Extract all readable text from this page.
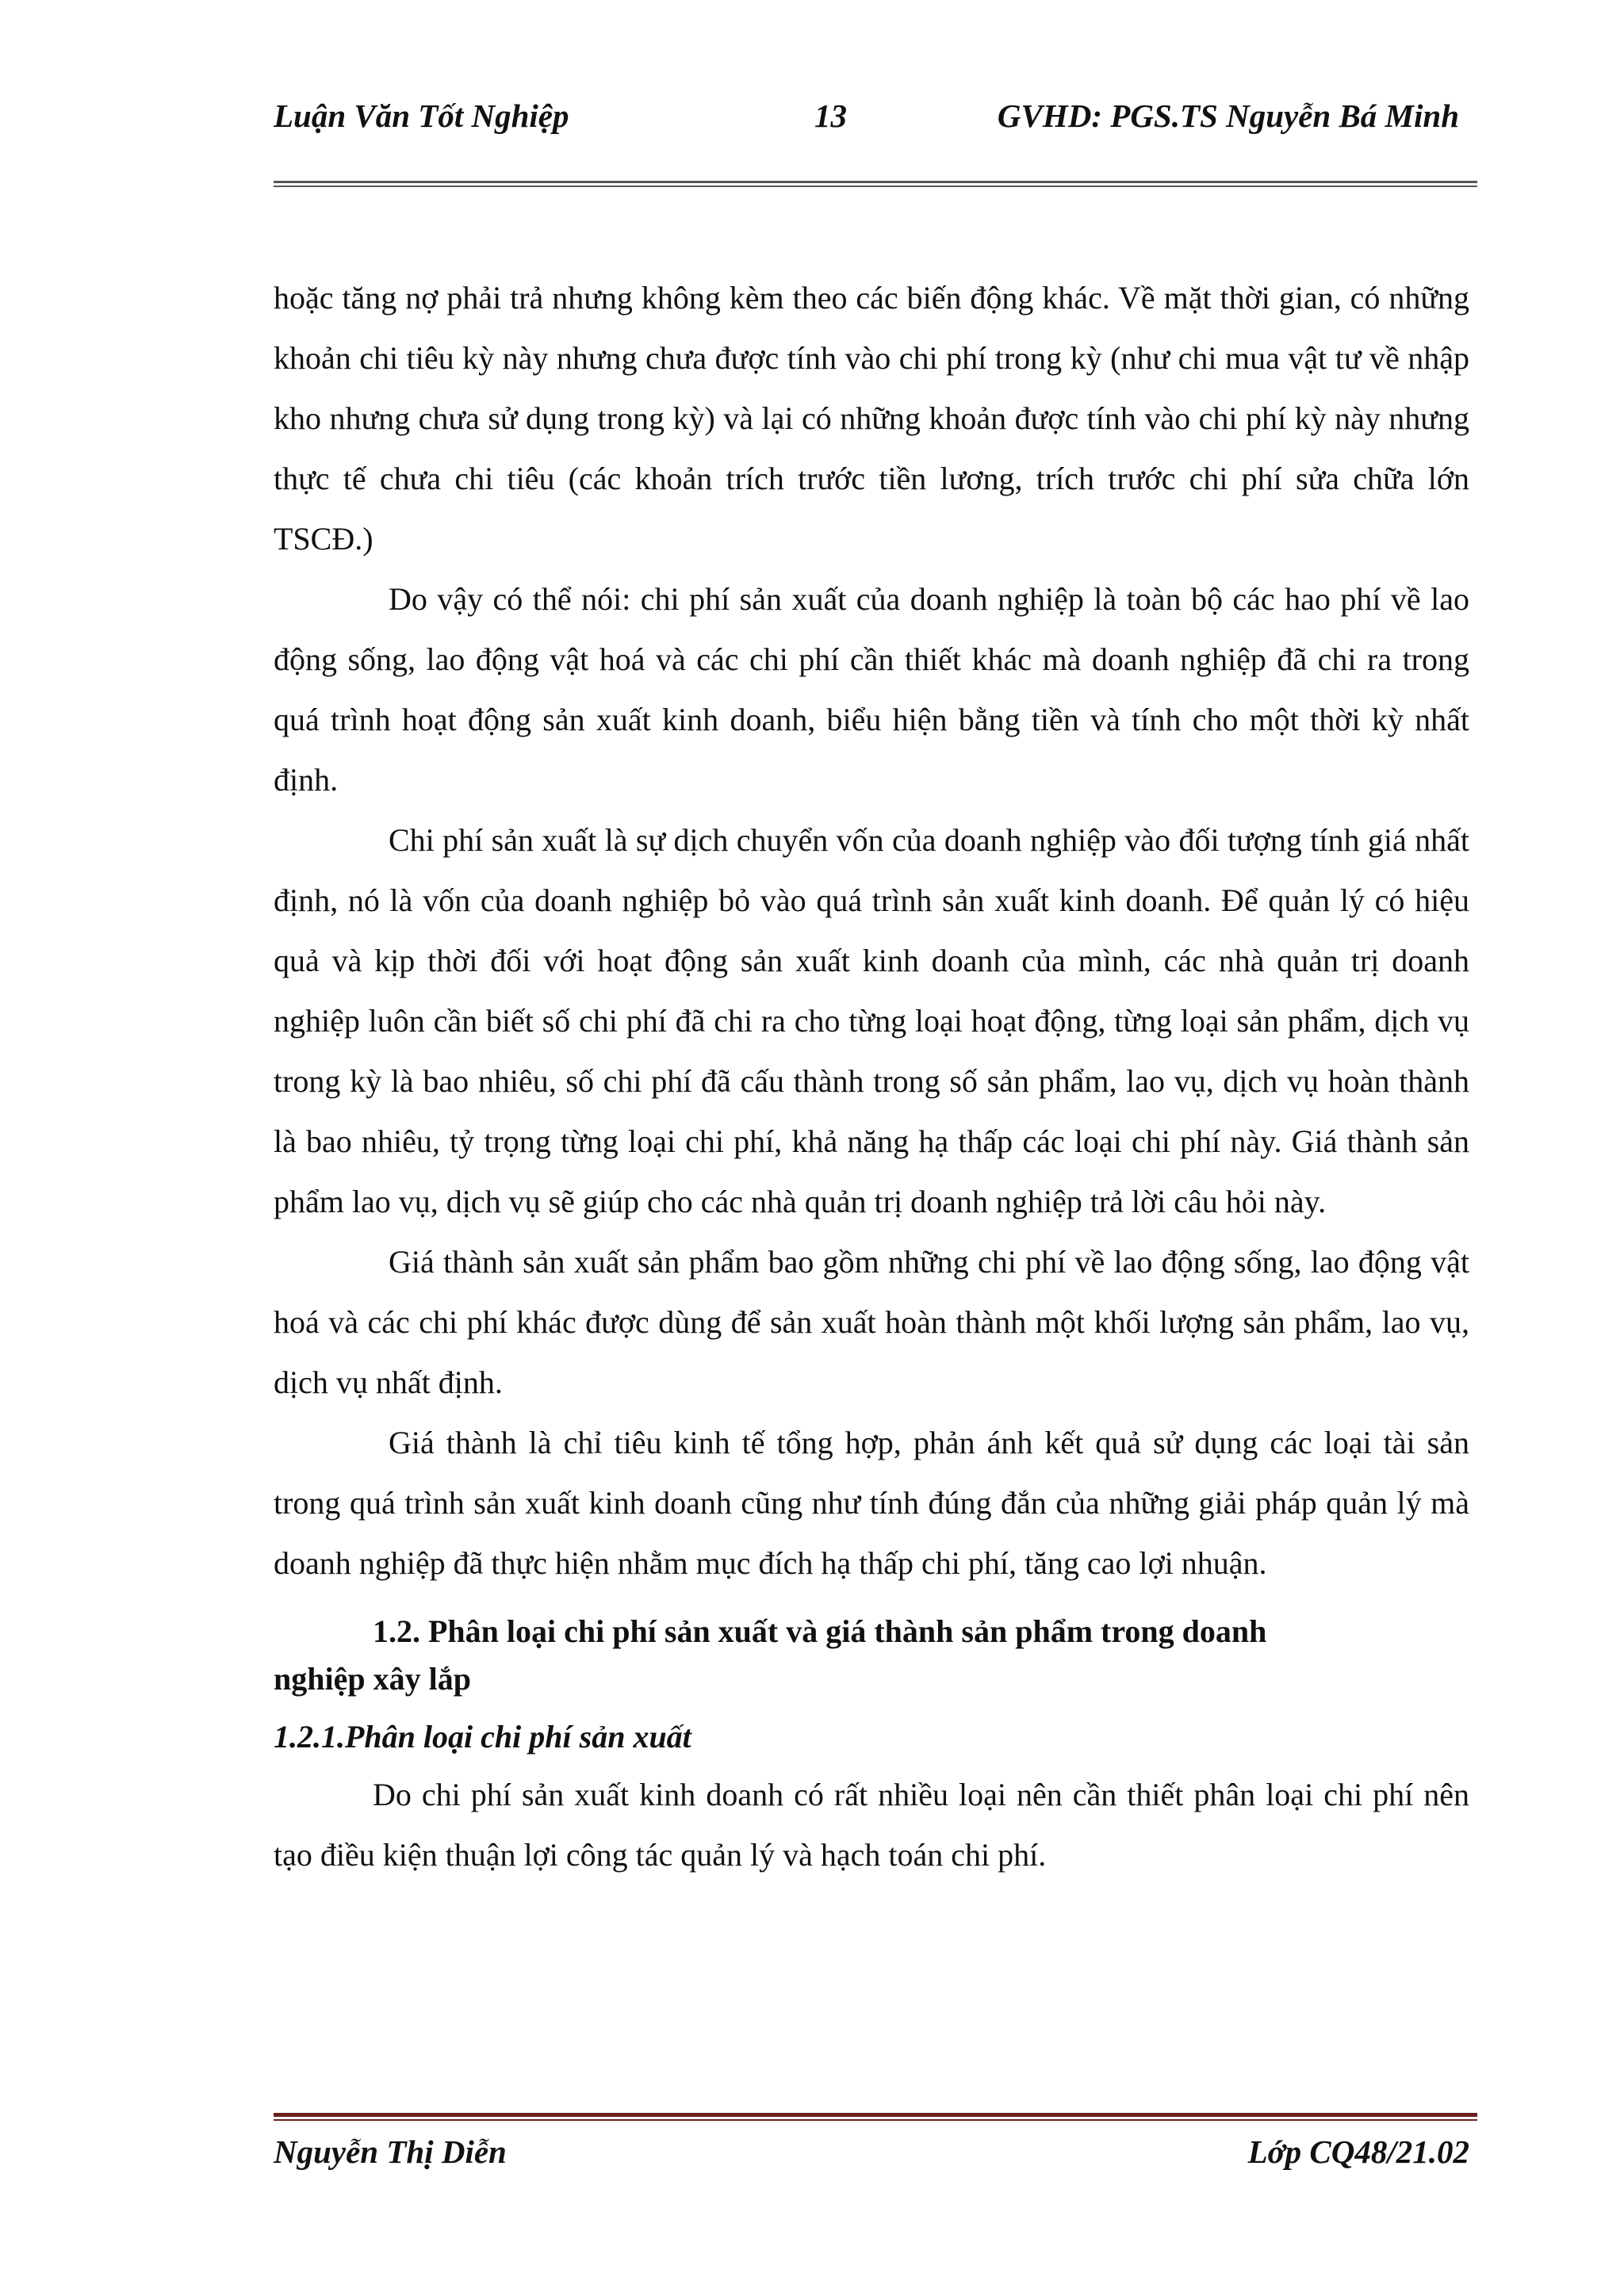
Luận Văn Tốt Nghiệp	13	GVHD: PGS.TS Nguyễn Bá Minh

hoặc tăng nợ phải trả nhưng không kèm theo các biến động khác. Về mặt thời gian, có những khoản chi tiêu kỳ này nhưng chưa được tính vào chi phí trong kỳ (như chi mua vật tư về nhập kho nhưng chưa sử dụng trong kỳ) và lại có những khoản được tính vào chi phí kỳ này nhưng thực tế chưa chi tiêu (các khoản trích trước tiền lương, trích trước chi phí sửa chữa lớn TSCĐ.)

Do vậy có thể nói: chi phí sản xuất của doanh nghiệp là toàn bộ các hao phí về lao động sống, lao động vật hoá và các chi phí cần thiết khác mà doanh nghiệp đã chi ra trong quá trình hoạt động sản xuất kinh doanh, biểu hiện bằng tiền và tính cho một thời kỳ nhất định.

Chi phí sản xuất là sự dịch chuyển vốn của doanh nghiệp vào đối tượng tính giá nhất định, nó là vốn của doanh nghiệp bỏ vào quá trình sản xuất kinh doanh. Để quản lý có hiệu quả và kịp thời đối với hoạt động sản xuất kinh doanh của mình, các nhà quản trị doanh nghiệp luôn cần biết số chi phí đã chi ra cho từng loại hoạt động, từng loại sản phẩm, dịch vụ trong kỳ là bao nhiêu, số chi phí đã cấu thành trong số sản phẩm, lao vụ, dịch vụ hoàn thành là bao nhiêu, tỷ trọng từng loại chi phí, khả năng hạ thấp các loại chi phí này. Giá thành sản phẩm lao vụ, dịch vụ sẽ giúp cho các nhà quản trị doanh nghiệp trả lời câu hỏi này.

Giá thành sản xuất sản phẩm bao gồm những chi phí về lao động sống, lao động vật hoá và các chi phí khác được dùng để sản xuất hoàn thành một khối lượng sản phẩm, lao vụ, dịch vụ nhất định.

Giá thành là chỉ tiêu kinh tế tổng hợp, phản ánh kết quả sử dụng các loại tài sản trong quá trình sản xuất kinh doanh cũng như tính đúng đắn của những giải pháp quản lý mà doanh nghiệp đã thực hiện nhằm mục đích hạ thấp chi phí, tăng cao lợi nhuận.

1.2. Phân loại chi phí sản xuất và giá thành sản phẩm trong doanh
nghiệp xây lắp
1.2.1.Phân loại chi phí sản xuất

Do chi phí sản xuất kinh doanh có rất nhiều loại nên cần thiết phân loại chi phí nên tạo điều kiện thuận lợi công tác quản lý và hạch toán chi phí.

Nguyễn Thị Diễn	Lớp CQ48/21.02
